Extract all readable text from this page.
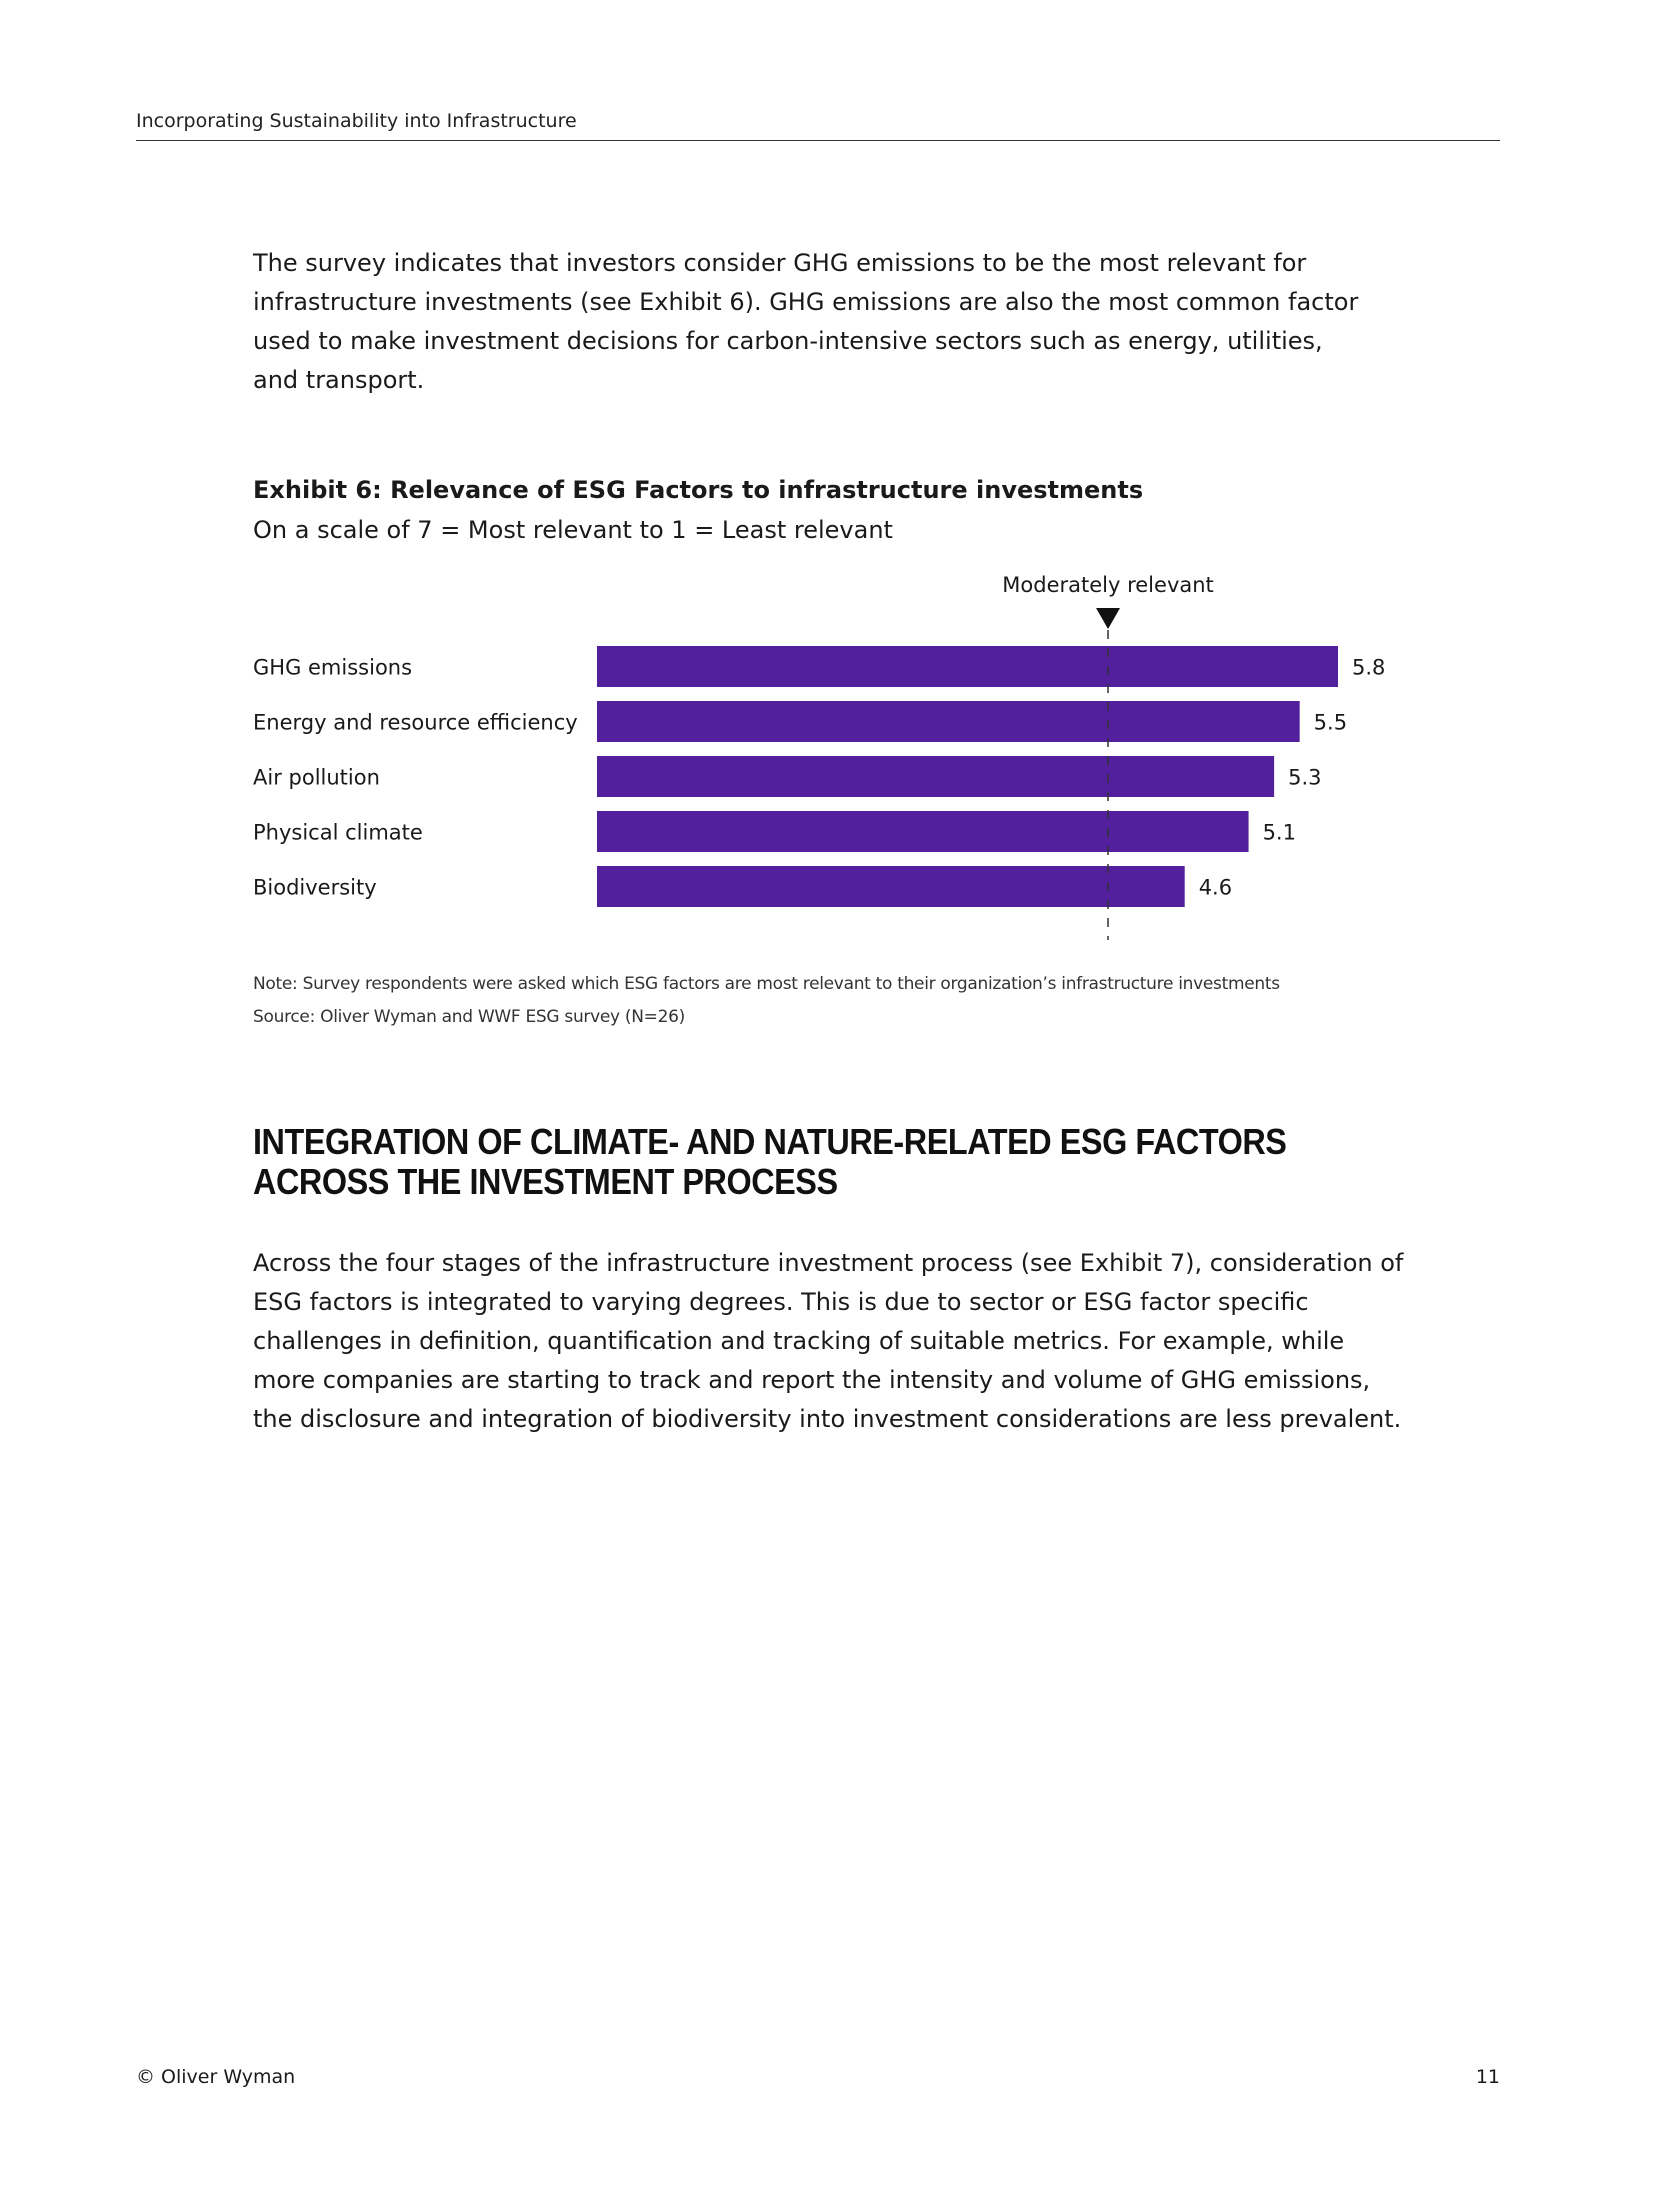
Incorporating Sustainability into Infrastructure

The survey indicates that investors consider GHG emissions to be the most relevant for infrastructure investments (see Exhibit 6). GHG emissions are also the most common factor used to make investment decisions for carbon-intensive sectors such as energy, utilities, and transport.

Exhibit 6: Relevance of ESG Factors to infrastructure investments

On a scale of 7 = Most relevant to 1 = Least relevant

GHG emissions	5.8
Energy and resource efficiency	5.5
Air pollution	5.3
Physical climate	5.1
Biodiversity	4.6
Moderately relevant
Note: Survey respondents were asked which ESG factors are most relevant to their organization’s infrastructure investments
Source: Oliver Wyman and WWF ESG survey (N=26)
INTEGRATION OF CLIMATE- AND NATURE-RELATED ESG FACTORS ACROSS THE INVESTMENT PROCESS

Across the four stages of the infrastructure investment process (see Exhibit 7), consideration of ESG factors is integrated to varying degrees. This is due to sector or ESG factor specific challenges in definition, quantification and tracking of suitable metrics. For example, while more companies are starting to track and report the intensity and volume of GHG emissions, the disclosure and integration of biodiversity into investment considerations are less prevalent.

© Oliver Wyman	11
